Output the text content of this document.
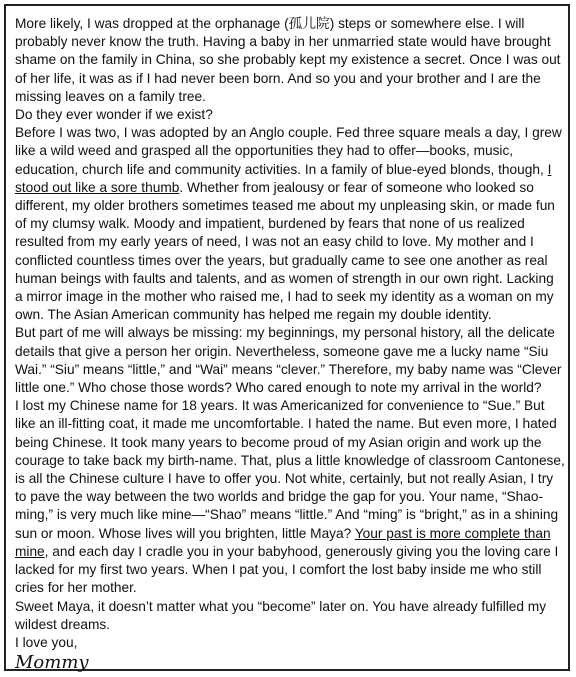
More likely, I was dropped at the orphanage (孤儿院) steps or somewhere else. I will probably never know the truth. Having a baby in her unmarried state would have brought shame on the family in China, so she probably kept my existence a secret. Once I was out of her life, it was as if I had never been born. And so you and your brother and I are the missing leaves on a family tree.

Do they ever wonder if we exist?

Before I was two, I was adopted by an Anglo couple. Fed three square meals a day, I grew like a wild weed and grasped all the opportunities they had to offer—books, music, education, church life and community activities. In a family of blue-eyed blonds, though, I stood out like a sore thumb. Whether from jealousy or fear of someone who looked so different, my older brothers sometimes teased me about my unpleasing skin, or made fun of my clumsy walk. Moody and impatient, burdened by fears that none of us realized resulted from my early years of need, I was not an easy child to love. My mother and I conflicted countless times over the years, but gradually came to see one another as real human beings with faults and talents, and as women of strength in our own right. Lacking a mirror image in the mother who raised me, I had to seek my identity as a woman on my own. The Asian American community has helped me regain my double identity.

But part of me will always be missing: my beginnings, my personal history, all the delicate details that give a person her origin. Nevertheless, someone gave me a lucky name “Siu Wai.” “Siu” means “little,” and “Wai” means “clever.” Therefore, my baby name was “Clever little one.” Who chose those words? Who cared enough to note my arrival in the world?

I lost my Chinese name for 18 years. It was Americanized for convenience to “Sue.” But like an ill-fitting coat, it made me uncomfortable. I hated the name. But even more, I hated being Chinese. It took many years to become proud of my Asian origin and work up the courage to take back my birth-name. That, plus a little knowledge of classroom Cantonese, is all the Chinese culture I have to offer you. Not white, certainly, but not really Asian, I try to pave the way between the two worlds and bridge the gap for you. Your name, “Shao-ming,” is very much like mine—“Shao” means “little.” And “ming” is “bright,” as in a shining sun or moon. Whose lives will you brighten, little Maya? Your past is more complete than mine, and each day I cradle you in your babyhood, generously giving you the loving care I lacked for my first two years. When I pat you, I comfort the lost baby inside me who still cries for her mother.

Sweet Maya, it doesn’t matter what you “become” later on. You have already fulfilled my wildest dreams.

I love you,

Mommy
